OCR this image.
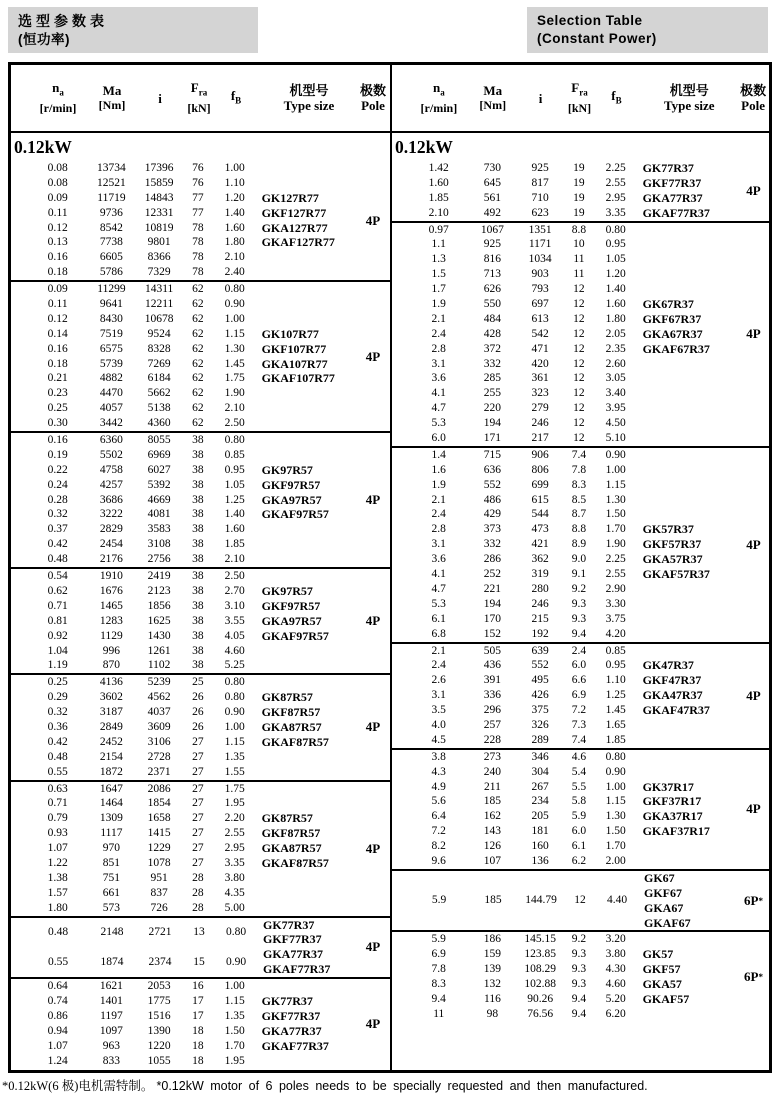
选型参数表
(恒功率)
Selection Table
(Constant Power)
$n_a$
[r/min]
Ma
[Nm]	i
$F_{ra}$
[kN]
$f_B$
机型号
Type size
极数
Pole
0.12kW
0.08	13734	17396	76	1.00
0.08	12521	15859	76	1.10
0.09	11719	14843	77	1.20	GK127R77
0.11	9736	12331	77	1.40	GKF127R77
0.12	8542	10819	78	1.60	GKA127R77
0.13	7738	9801	78	1.80	GKAF127R77
0.16	6605	8366	78	2.10
0.18	5786	7329	78	2.40
4P
0.09	11299	14311	62	0.80
0.11	9641	12211	62	0.90
0.12	8430	10678	62	1.00
0.14	7519	9524	62	1.15	GK107R77
0.16	6575	8328	62	1.30	GKF107R77
0.18	5739	7269	62	1.45	GKA107R77
0.21	4882	6184	62	1.75	GKAF107R77
0.23	4470	5662	62	1.90
0.25	4057	5138	62	2.10
0.30	3442	4360	62	2.50
4P
0.16	6360	8055	38	0.80
0.19	5502	6969	38	0.85
0.22	4758	6027	38	0.95	GK97R57
0.24	4257	5392	38	1.05	GKF97R57
0.28	3686	4669	38	1.25	GKA97R57
0.32	3222	4081	38	1.40	GKAF97R57
0.37	2829	3583	38	1.60
0.42	2454	3108	38	1.85
0.48	2176	2756	38	2.10
4P
0.54	1910	2419	38	2.50
0.62	1676	2123	38	2.70	GK97R57
0.71	1465	1856	38	3.10	GKF97R57
0.81	1283	1625	38	3.55	GKA97R57
0.92	1129	1430	38	4.05	GKAF97R57
1.04	996	1261	38	4.60
1.19	870	1102	38	5.25
4P
0.25	4136	5239	25	0.80
0.29	3602	4562	26	0.80	GK87R57
0.32	3187	4037	26	0.90	GKF87R57
0.36	2849	3609	26	1.00	GKA87R57
0.42	2452	3106	27	1.15	GKAF87R57
0.48	2154	2728	27	1.35
0.55	1872	2371	27	1.55
4P
0.63	1647	2086	27	1.75
0.71	1464	1854	27	1.95
0.79	1309	1658	27	2.20	GK87R57
0.93	1117	1415	27	2.55	GKF87R57
1.07	970	1229	27	2.95	GKA87R57
1.22	851	1078	27	3.35	GKAF87R57
1.38	751	951	28	3.80
1.57	661	837	28	4.35
1.80	573	726	28	5.00
4P
0.48	2148	2721	13	0.80
0.55	1874	2374	15	0.90
GK77R37
GKF77R37
GKA77R37
GKAF77R37
4P
0.64	1621	2053	16	1.00
0.74	1401	1775	17	1.15	GK77R37
0.86	1197	1516	17	1.35	GKF77R37
0.94	1097	1390	18	1.50	GKA77R37
1.07	963	1220	18	1.70	GKAF77R37
1.24	833	1055	18	1.95
4P
$n_a$
[r/min]
Ma
[Nm]	i
$F_{ra}$
[kN]
$f_B$
机型号
Type size
极数
Pole
0.12kW
1.42	730	925	19	2.25	GK77R37
1.60	645	817	19	2.55	GKF77R37
1.85	561	710	19	2.95	GKA77R37
2.10	492	623	19	3.35	GKAF77R37
4P
0.97	1067	1351	8.8	0.80
1.1	925	1171	10	0.95
1.3	816	1034	11	1.05
1.5	713	903	11	1.20
1.7	626	793	12	1.40
1.9	550	697	12	1.60	GK67R37
2.1	484	613	12	1.80	GKF67R37
2.4	428	542	12	2.05	GKA67R37
2.8	372	471	12	2.35	GKAF67R37
3.1	332	420	12	2.60
3.6	285	361	12	3.05
4.1	255	323	12	3.40
4.7	220	279	12	3.95
5.3	194	246	12	4.50
6.0	171	217	12	5.10
4P
1.4	715	906	7.4	0.90
1.6	636	806	7.8	1.00
1.9	552	699	8.3	1.15
2.1	486	615	8.5	1.30
2.4	429	544	8.7	1.50
2.8	373	473	8.8	1.70	GK57R37
3.1	332	421	8.9	1.90	GKF57R37
3.6	286	362	9.0	2.25	GKA57R37
4.1	252	319	9.1	2.55	GKAF57R37
4.7	221	280	9.2	2.90
5.3	194	246	9.3	3.30
6.1	170	215	9.3	3.75
6.8	152	192	9.4	4.20
4P
2.1	505	639	2.4	0.85
2.4	436	552	6.0	0.95	GK47R37
2.6	391	495	6.6	1.10	GKF47R37
3.1	336	426	6.9	1.25	GKA47R37
3.5	296	375	7.2	1.45	GKAF47R37
4.0	257	326	7.3	1.65
4.5	228	289	7.4	1.85
4P
3.8	273	346	4.6	0.80
4.3	240	304	5.4	0.90
4.9	211	267	5.5	1.00	GK37R17
5.6	185	234	5.8	1.15	GKF37R17
6.4	162	205	5.9	1.30	GKA37R17
7.2	143	181	6.0	1.50	GKAF37R17
8.2	126	160	6.1	1.70
9.6	107	136	6.2	2.00
4P
5.9	185	144.79	12	4.40
GK67
GKF67
GKA67
GKAF67
6P *
5.9	186	145.15	9.2	3.20
6.9	159	123.85	9.3	3.80	GK57
7.8	139	108.29	9.3	4.30	GKF57
8.3	132	102.88	9.3	4.60	GKA57
9.4	116	90.26	9.4	5.20	GKAF57
11	98	76.56	9.4	6.20
6P *
*0.12kW(6 极)电机需特制。 *0.12kW motor of 6 poles needs to be specially requested and then manufactured.
